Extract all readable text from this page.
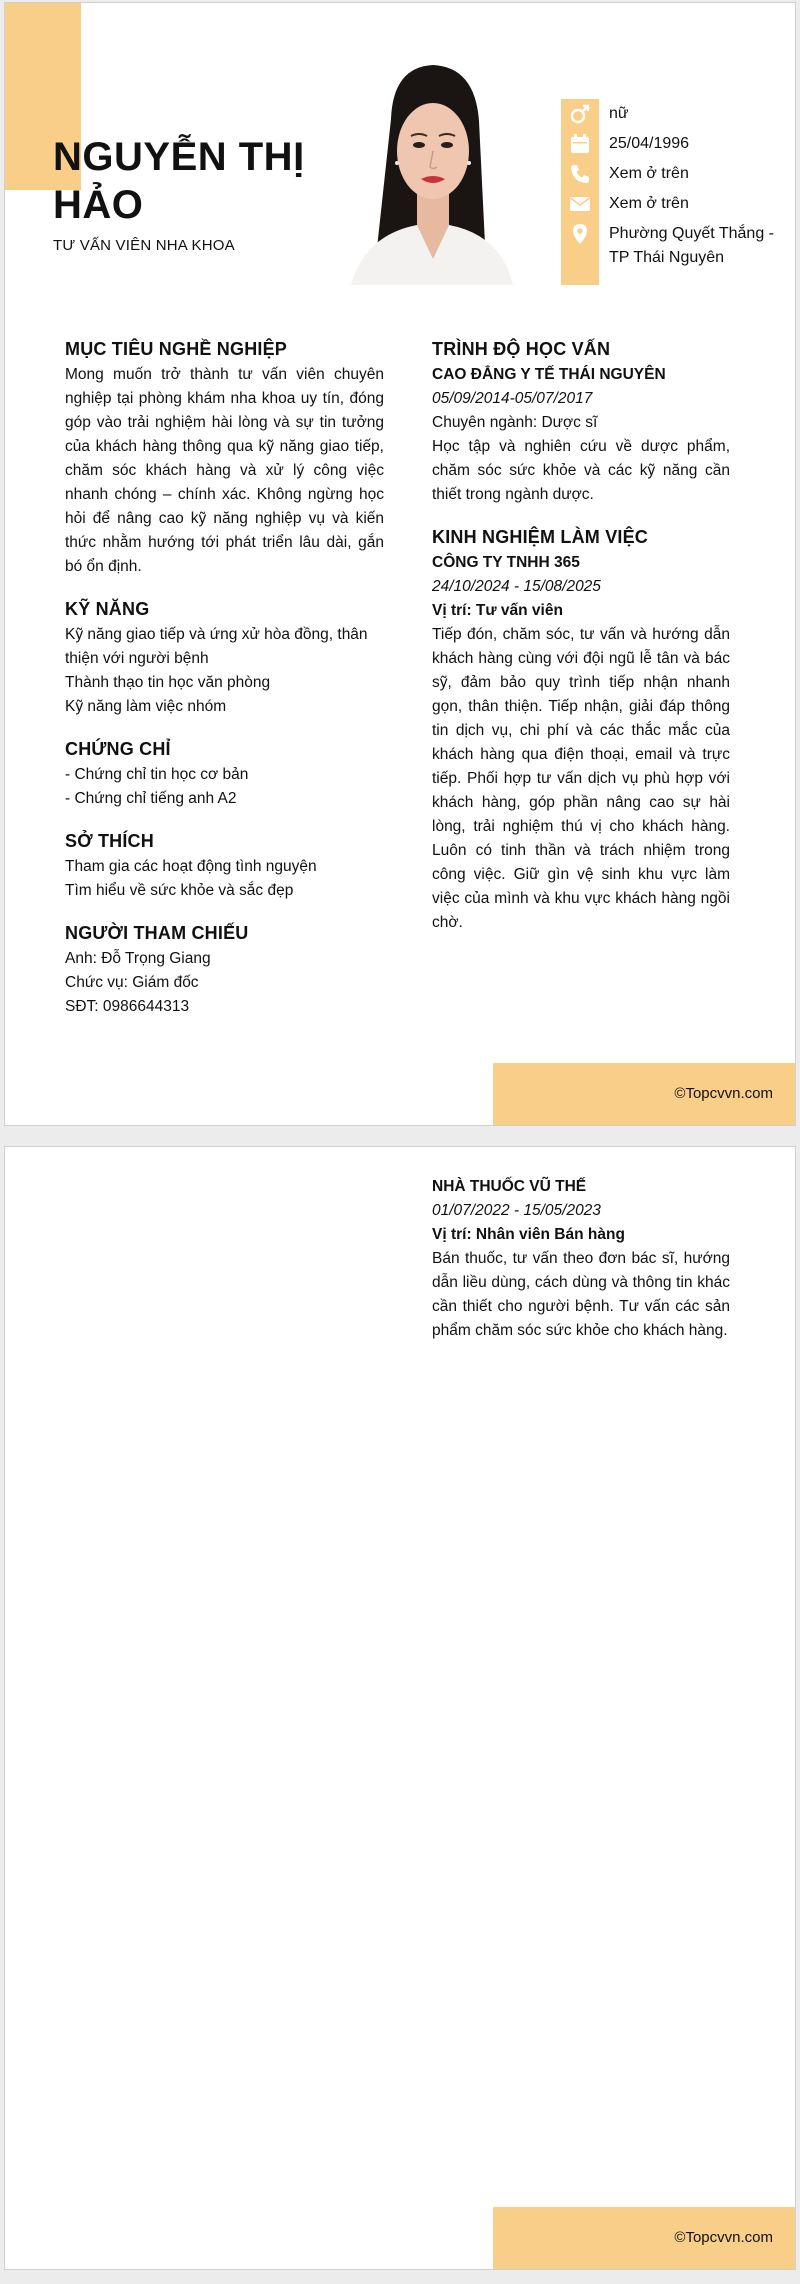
NGUYỄN THỊ HẢO
TƯ VẤN VIÊN NHA KHOA
nữ
25/04/1996
Xem ở trên
Xem ở trên
Phường Quyết Thắng - TP Thái Nguyên
MỤC TIÊU NGHỀ NGHIỆP

Mong muốn trở thành tư vấn viên chuyên nghiệp tại phòng khám nha khoa uy tín, đóng góp vào trải nghiệm hài lòng và sự tin tưởng của khách hàng thông qua kỹ năng giao tiếp, chăm sóc khách hàng và xử lý công việc nhanh chóng – chính xác. Không ngừng học hỏi để nâng cao kỹ năng nghiệp vụ và kiến thức nhằm hướng tới phát triển lâu dài, gắn bó ổn định.

KỸ NĂNG

Kỹ năng giao tiếp và ứng xử hòa đồng, thân thiện với người bệnh

Thành thạo tin học văn phòng

Kỹ năng làm việc nhóm

CHỨNG CHỈ

- Chứng chỉ tin học cơ bản

- Chứng chỉ tiếng anh A2

SỞ THÍCH

Tham gia các hoạt động tình nguyện

Tìm hiểu về sức khỏe và sắc đẹp

NGƯỜI THAM CHIẾU

Anh: Đỗ Trọng Giang

Chức vụ: Giám đốc

SĐT: 0986644313

TRÌNH ĐỘ HỌC VẤN

CAO ĐẲNG Y TẾ THÁI NGUYÊN

05/09/2014-05/07/2017

Chuyên ngành: Dược sĩ

Học tập và nghiên cứu về dược phẩm, chăm sóc sức khỏe và các kỹ năng cần thiết trong ngành dược.

KINH NGHIỆM LÀM VIỆC

CÔNG TY TNHH 365

24/10/2024 - 15/08/2025

Vị trí: Tư vấn viên

Tiếp đón, chăm sóc, tư vấn và hướng dẫn khách hàng cùng với đội ngũ lễ tân và bác sỹ, đảm bảo quy trình tiếp nhận nhanh gọn, thân thiện. Tiếp nhận, giải đáp thông tin dịch vụ, chi phí và các thắc mắc của khách hàng qua điện thoại, email và trực tiếp. Phối hợp tư vấn dịch vụ phù hợp với khách hàng, góp phần nâng cao sự hài lòng, trải nghiệm thú vị cho khách hàng. Luôn có tinh thần và trách nhiệm trong công việc. Giữ gìn vệ sinh khu vực làm việc của mình và khu vực khách hàng ngồi chờ.

©Topcvvn.com

NHÀ THUỐC VŨ THẾ

01/07/2022 - 15/05/2023

Vị trí: Nhân viên Bán hàng

Bán thuốc, tư vấn theo đơn bác sĩ, hướng dẫn liều dùng, cách dùng và thông tin khác cần thiết cho người bệnh. Tư vấn các sản phẩm chăm sóc sức khỏe cho khách hàng.

©Topcvvn.com
